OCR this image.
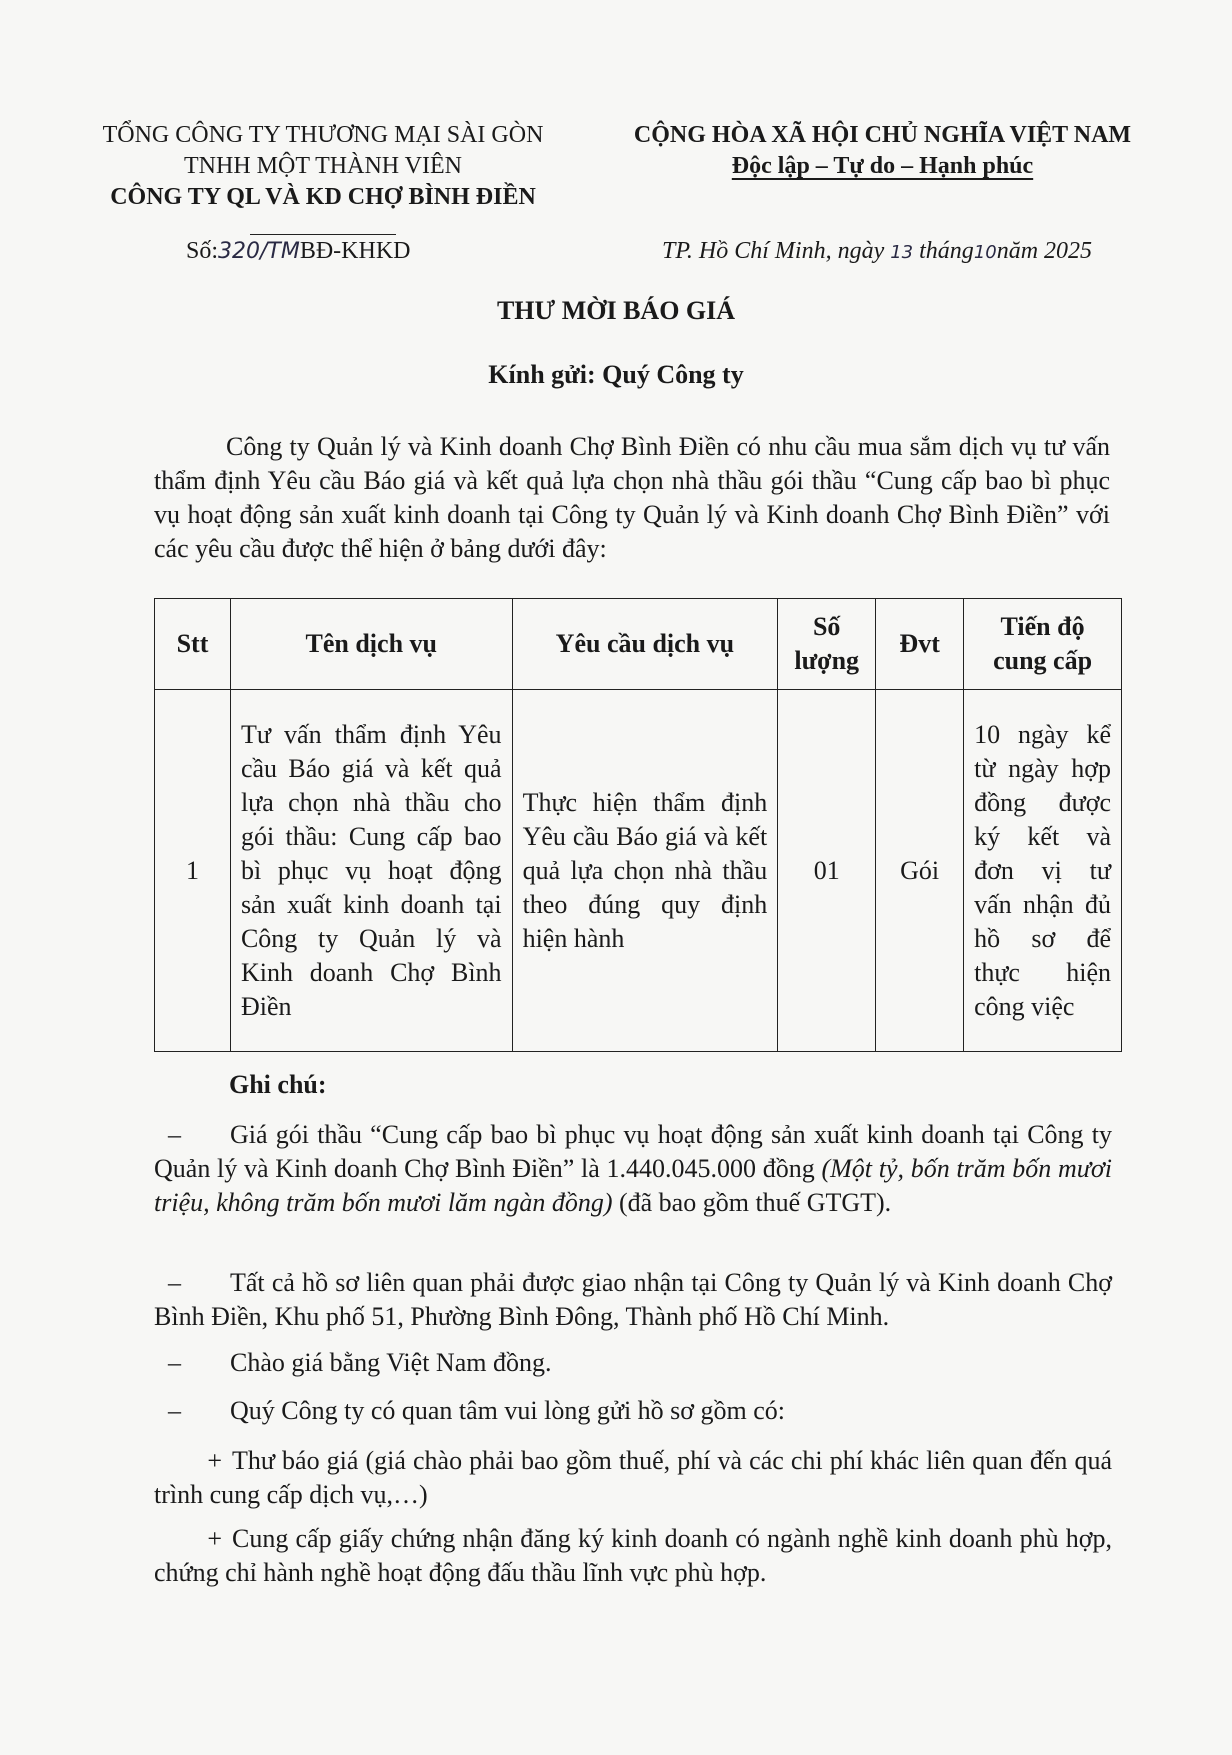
TỔNG CÔNG TY THƯƠNG MẠI SÀI GÒN
TNHH MỘT THÀNH VIÊN
CÔNG TY QL VÀ KD CHỢ BÌNH ĐIỀN
CỘNG HÒA XÃ HỘI CHỦ NGHĨA VIỆT NAM
Độc lập – Tự do – Hạnh phúc
Số:320/TMBĐ-KHKD	TP. Hồ Chí Minh, ngày 13 tháng10năm 2025
THƯ MỜI BÁO GIÁ
Kính gửi: Quý Công ty
Công ty Quản lý và Kinh doanh Chợ Bình Điền có nhu cầu mua sắm dịch vụ tư vấn thẩm định Yêu cầu Báo giá và kết quả lựa chọn nhà thầu gói thầu “Cung cấp bao bì phục vụ hoạt động sản xuất kinh doanh tại Công ty Quản lý và Kinh doanh Chợ Bình Điền” với các yêu cầu được thể hiện ở bảng dưới đây:
Stt	Tên dịch vụ	Yêu cầu dịch vụ	Số lượng	Đvt	Tiến độ cung cấp
1	Tư vấn thẩm định Yêu cầu Báo giá và kết quả lựa chọn nhà thầu cho gói thầu: Cung cấp bao bì phục vụ hoạt động sản xuất kinh doanh tại Công ty Quản lý và Kinh doanh Chợ Bình Điền	Thực hiện thẩm định Yêu cầu Báo giá và kết quả lựa chọn nhà thầu theo đúng quy định hiện hành	01	Gói	10 ngày kể từ ngày hợp đồng được ký kết và đơn vị tư vấn nhận đủ hồ sơ để thực hiện công việc
Ghi chú:
– Giá gói thầu “Cung cấp bao bì phục vụ hoạt động sản xuất kinh doanh tại Công ty Quản lý và Kinh doanh Chợ Bình Điền” là 1.440.045.000 đồng (Một tỷ, bốn trăm bốn mươi triệu, không trăm bốn mươi lăm ngàn đồng) (đã bao gồm thuế GTGT).
– Tất cả hồ sơ liên quan phải được giao nhận tại Công ty Quản lý và Kinh doanh Chợ Bình Điền, Khu phố 51, Phường Bình Đông, Thành phố Hồ Chí Minh.
– Chào giá bằng Việt Nam đồng.
– Quý Công ty có quan tâm vui lòng gửi hồ sơ gồm có:
+ Thư báo giá (giá chào phải bao gồm thuế, phí và các chi phí khác liên quan đến quá trình cung cấp dịch vụ,…)
+ Cung cấp giấy chứng nhận đăng ký kinh doanh có ngành nghề kinh doanh phù hợp, chứng chỉ hành nghề hoạt động đấu thầu lĩnh vực phù hợp.
